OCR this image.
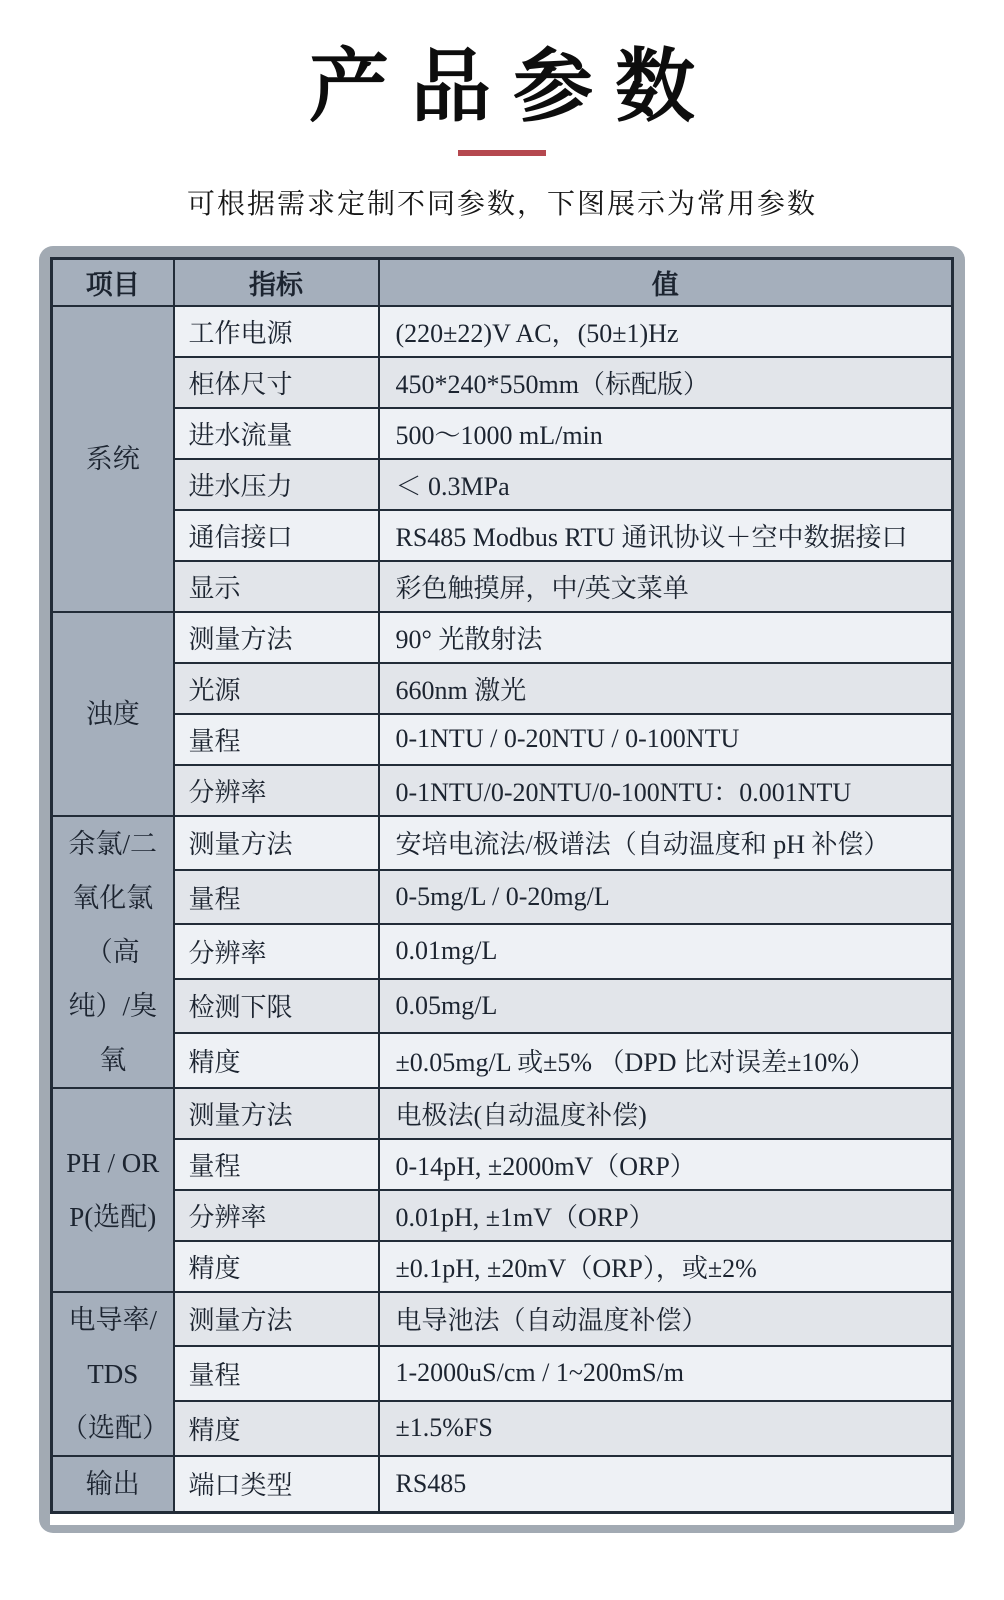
产品参数
可根据需求定制不同参数，下图展示为常用参数
项目	指标	值
系统	工作电源	(220±22)V AC，(50±1)Hz
	柜体尺寸	450*240*550mm（标配版）
	进水流量	500～1000 mL/min
	进水压力	＜ 0.3MPa
	通信接口	RS485 Modbus RTU 通讯协议＋空中数据接口
	显示	彩色触摸屏，中/英文菜单
浊度	测量方法	90° 光散射法
	光源	660nm 激光
	量程	0-1NTU / 0-20NTU / 0-100NTU
	分辨率	0-1NTU/0-20NTU/0-100NTU：0.001NTU
余氯/二氧化氯（高纯）/臭氧	测量方法	安培电流法/极谱法（自动温度和 pH 补偿）
	量程	0-5mg/L / 0-20mg/L
	分辨率	0.01mg/L
	检测下限	0.05mg/L
	精度	±0.05mg/L 或±5% （DPD 比对误差±10%）
PH / ORP(选配)	测量方法	电极法(自动温度补偿)
	量程	0-14pH, ±2000mV（ORP）
	分辨率	0.01pH, ±1mV（ORP）
	精度	±0.1pH, ±20mV（ORP），或±2%
电导率/TDS（选配）	测量方法	电导池法（自动温度补偿）
	量程	1-2000uS/cm / 1~200mS/m
	精度	±1.5%FS
输出	端口类型	RS485
